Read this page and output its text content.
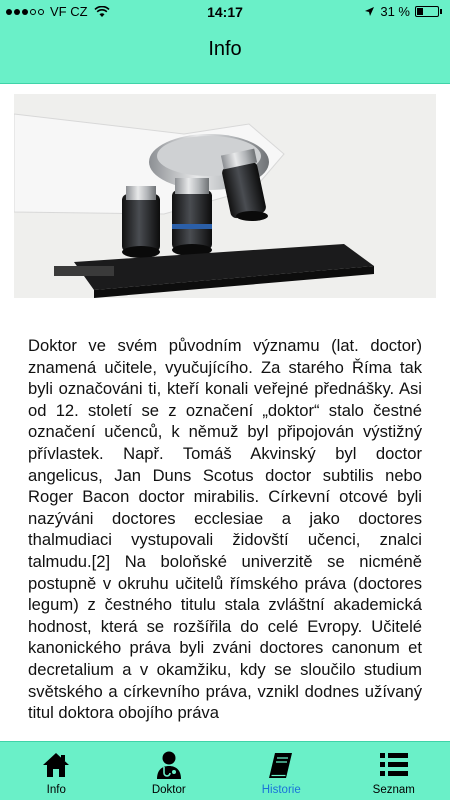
VF CZ	14:17	31 %
Info
Doktor ve svém původním významu (lat. doctor) znamená učitele, vyučujícího. Za starého Říma tak byli označováni ti, kteří konali veřejné přednášky. Asi od 12. století se z označení „doktor“ stalo čestné označení učenců, k němuž byl připojován výstižný přívlastek. Např. Tomáš Akvinský byl doctor angelicus, Jan Duns Scotus doctor subtilis nebo Roger Bacon doctor mirabilis. Církevní otcové byli nazýváni doctores ecclesiae a jako doctores thalmudiaci vystupovali židovští učenci, znalci talmudu.[2] Na boloňské univerzitě se nicméně postupně v okruhu učitelů římského práva (doctores legum) z čestného titulu stala zvláštní akademická hodnost, která se rozšířila do celé Evropy. Učitelé kanonického práva byli zváni doctores canonum et decretalium a v okamžiku, kdy se sloučilo studium světského a církevního práva, vznikl dodnes užívaný titul doktora obojího práva
Info	Doktor	Historie	Seznam
